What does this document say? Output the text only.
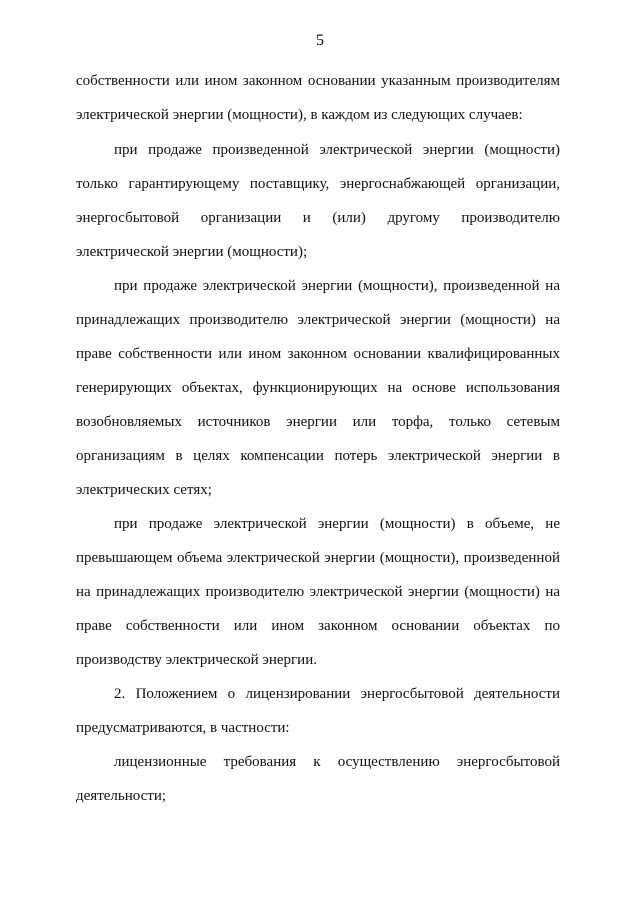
5
собственности или ином законном основании указанным производителям
электрической энергии (мощности), в каждом из следующих случаев:
при продаже произведенной электрической энергии (мощности)
только гарантирующему поставщику, энергоснабжающей организации,
энергосбытовой организации и (или) другому производителю
электрической энергии (мощности);
при продаже электрической энергии (мощности), произведенной на
принадлежащих производителю электрической энергии (мощности) на
праве собственности или ином законном основании квалифицированных
генерирующих объектах, функционирующих на основе использования
возобновляемых источников энергии или торфа, только сетевым
организациям в целях компенсации потерь электрической энергии в
электрических сетях;
при продаже электрической энергии (мощности) в объеме, не
превышающем объема электрической энергии (мощности), произведенной
на принадлежащих производителю электрической энергии (мощности) на
праве собственности или ином законном основании объектах по
производству электрической энергии.
2. Положением о лицензировании энергосбытовой деятельности
предусматриваются, в частности:
лицензионные требования к осуществлению энергосбытовой
деятельности;
